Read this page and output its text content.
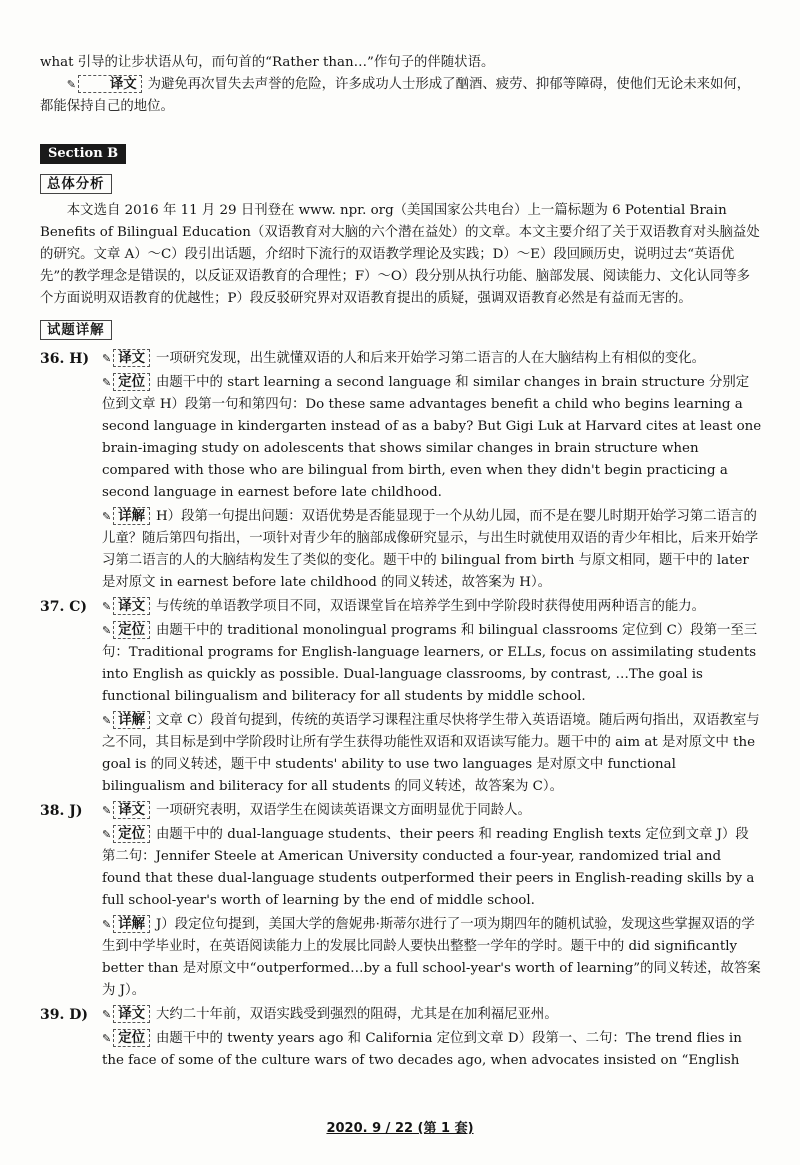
what 引导的让步状语从句，而句首的“Rather than…”作句子的伴随状语。

✎	译文 为避免再次冒失去声誉的危险，许多成功人士形成了酗酒、疲劳、抑郁等障碍，使他们无论未来如何，都能保持自己的地位。

Section B
总体分析

本文选自 2016 年 11 月 29 日刊登在 www. npr. org（美国国家公共电台）上一篇标题为 6 Potential Brain Benefits of Bilingual Education（双语教育对大脑的六个潜在益处）的文章。本文主要介绍了关于双语教育对头脑益处的研究。文章 A）～C）段引出话题，介绍时下流行的双语教学理论及实践；D）～E）段回顾历史，说明过去“英语优先”的教学理念是错误的，以反证双语教育的合理性；F）～O）段分别从执行功能、脑部发展、阅读能力、文化认同等多个方面说明双语教育的优越性；P）段反驳研究界对双语教育提出的质疑，强调双语教育必然是有益而无害的。

试题详解
36. H) ✎ 译文 一项研究发现，出生就懂双语的人和后来开始学习第二语言的人在大脑结构上有相似的变化。

✎ 定位 由题干中的 start learning a second language 和 similar changes in brain structure 分别定位到文章 H）段第一句和第四句：Do these same advantages benefit a child who begins learning a second language in kindergarten instead of as a baby? But Gigi Luk at Harvard cites at least one brain-imaging study on adolescents that shows similar changes in brain structure when compared with those who are bilingual from birth, even when they didn't begin practicing a second language in earnest before late childhood.

✎ 详解 H）段第一句提出问题：双语优势是否能显现于一个从幼儿园，而不是在婴儿时期开始学习第二语言的儿童？随后第四句指出，一项针对青少年的脑部成像研究显示，与出生时就使用双语的青少年相比，后来开始学习第二语言的人的大脑结构发生了类似的变化。题干中的 bilingual from birth 与原文相同，题干中的 later 是对原文 in earnest before late childhood 的同义转述，故答案为 H）。

37. C) ✎ 译文 与传统的单语教学项目不同，双语课堂旨在培养学生到中学阶段时获得使用两种语言的能力。

✎ 定位 由题干中的 traditional monolingual programs 和 bilingual classrooms 定位到 C）段第一至三句：Traditional programs for English-language learners, or ELLs, focus on assimilating students into English as quickly as possible. Dual-language classrooms, by contrast, …The goal is functional bilingualism and biliteracy for all students by middle school.

✎ 详解 文章 C）段首句提到，传统的英语学习课程注重尽快将学生带入英语语境。随后两句指出，双语教室与之不同，其目标是到中学阶段时让所有学生获得功能性双语和双语读写能力。题干中的 aim at 是对原文中 the goal is 的同义转述，题干中 students' ability to use two languages 是对原文中 functional bilingualism and biliteracy for all students 的同义转述，故答案为 C）。

38. J) ✎ 译文 一项研究表明，双语学生在阅读英语课文方面明显优于同龄人。

✎ 定位 由题干中的 dual-language students、their peers 和 reading English texts 定位到文章 J）段第二句：Jennifer Steele at American University conducted a four-year, randomized trial and found that these dual-language students outperformed their peers in English-reading skills by a full school-year's worth of learning by the end of middle school.

✎ 详解 J）段定位句提到，美国大学的詹妮弗·斯蒂尔进行了一项为期四年的随机试验，发现这些掌握双语的学生到中学毕业时，在英语阅读能力上的发展比同龄人要快出整整一学年的学时。题干中的 did significantly better than 是对原文中“outperformed…by a full school-year's worth of learning”的同义转述，故答案为 J）。

39. D) ✎ 译文 大约二十年前，双语实践受到强烈的阻碍，尤其是在加利福尼亚州。

✎ 定位 由题干中的 twenty years ago 和 California 定位到文章 D）段第一、二句：The trend flies in the face of some of the culture wars of two decades ago, when advocates insisted on “English

2020. 9 / 22 (第 1 套)
